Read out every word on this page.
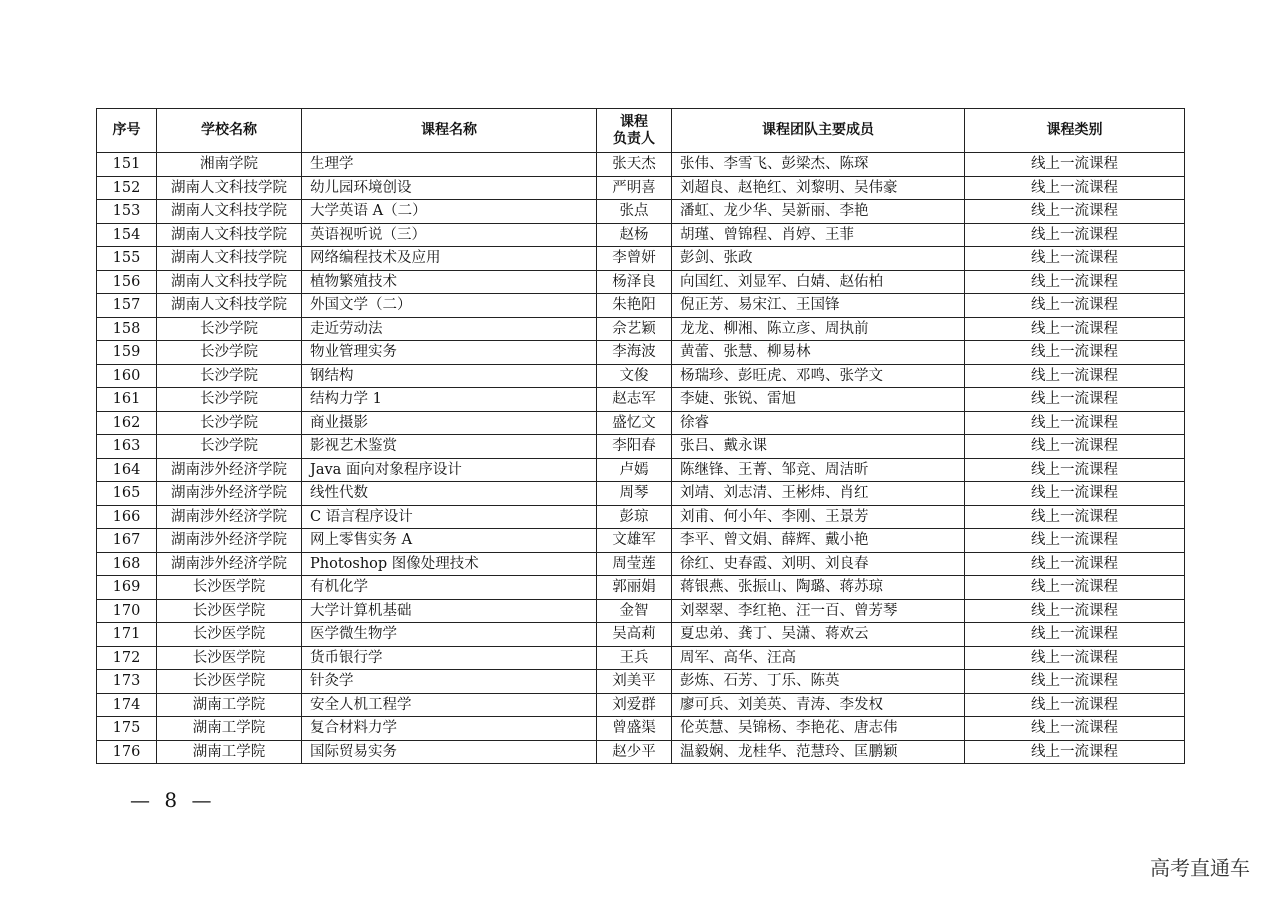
序号	学校名称	课程名称	课程
负责人	课程团队主要成员	课程类别
151	湘南学院	生理学	张天杰	张伟、李雪飞、彭梁杰、陈琛	线上一流课程
152	湖南人文科技学院	幼儿园环境创设	严明喜	刘超良、赵艳红、刘黎明、吴伟豪	线上一流课程
153	湖南人文科技学院	大学英语 A（二）	张点	潘虹、龙少华、吴新丽、李艳	线上一流课程
154	湖南人文科技学院	英语视听说（三）	赵杨	胡瑾、曾锦程、肖婷、王菲	线上一流课程
155	湖南人文科技学院	网络编程技术及应用	李曾妍	彭剑、张政	线上一流课程
156	湖南人文科技学院	植物繁殖技术	杨泽良	向国红、刘显军、白婧、赵佑柏	线上一流课程
157	湖南人文科技学院	外国文学（二）	朱艳阳	倪正芳、易宋江、王国锋	线上一流课程
158	长沙学院	走近劳动法	佘艺颖	龙龙、柳湘、陈立彦、周执前	线上一流课程
159	长沙学院	物业管理实务	李海波	黄蕾、张慧、柳易林	线上一流课程
160	长沙学院	钢结构	文俊	杨瑞珍、彭旺虎、邓鸣、张学文	线上一流课程
161	长沙学院	结构力学 1	赵志军	李婕、张锐、雷旭	线上一流课程
162	长沙学院	商业摄影	盛忆文	徐睿	线上一流课程
163	长沙学院	影视艺术鉴赏	李阳春	张吕、戴永课	线上一流课程
164	湖南涉外经济学院	Java 面向对象程序设计	卢嫣	陈继锋、王菁、邹竞、周洁昕	线上一流课程
165	湖南涉外经济学院	线性代数	周琴	刘靖、刘志清、王彬炜、肖红	线上一流课程
166	湖南涉外经济学院	C 语言程序设计	彭琼	刘甫、何小年、李刚、王景芳	线上一流课程
167	湖南涉外经济学院	网上零售实务 A	文雄军	李平、曾文娟、薛辉、戴小艳	线上一流课程
168	湖南涉外经济学院	Photoshop 图像处理技术	周莹莲	徐红、史春霞、刘明、刘良春	线上一流课程
169	长沙医学院	有机化学	郭丽娟	蒋银燕、张振山、陶璐、蒋苏琼	线上一流课程
170	长沙医学院	大学计算机基础	金智	刘翠翠、李红艳、汪一百、曾芳琴	线上一流课程
171	长沙医学院	医学微生物学	吴高莉	夏忠弟、龚丁、吴潇、蒋欢云	线上一流课程
172	长沙医学院	货币银行学	王兵	周军、高华、汪高	线上一流课程
173	长沙医学院	针灸学	刘美平	彭炼、石芳、丁乐、陈英	线上一流课程
174	湖南工学院	安全人机工程学	刘爱群	廖可兵、刘美英、青涛、李发权	线上一流课程
175	湖南工学院	复合材料力学	曾盛渠	伦英慧、吴锦杨、李艳花、唐志伟	线上一流课程
176	湖南工学院	国际贸易实务	赵少平	温毅娴、龙桂华、范慧玲、匡鹏颖	线上一流课程
— 8 —
高考直通车
